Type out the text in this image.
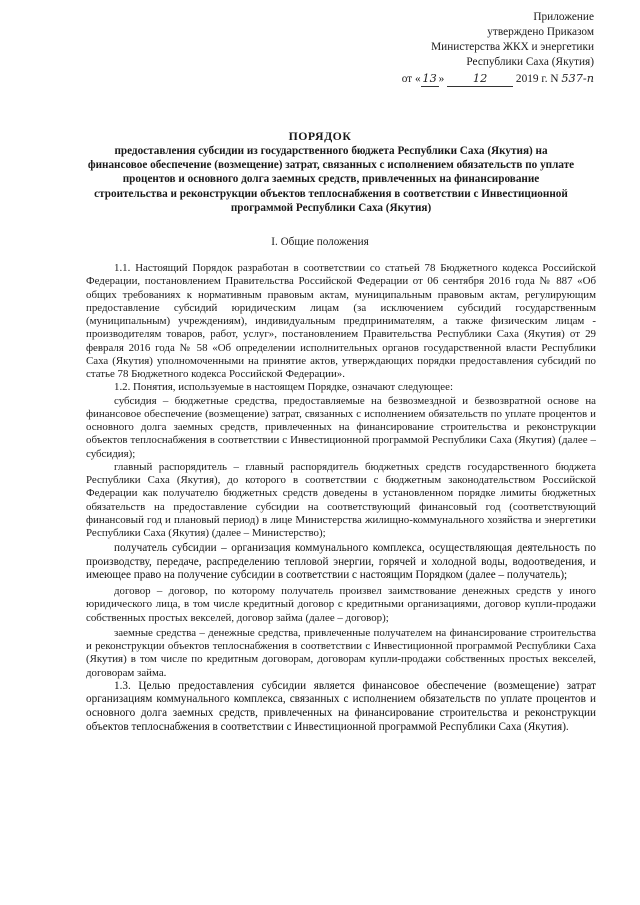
Приложение
утверждено Приказом
Министерства ЖКХ и энергетики
Республики Саха (Якутия)
от « 13 »	12	2019 г. N 537-п
ПОРЯДОК
предоставления субсидии из государственного бюджета Республики Саха (Якутия) на финансовое обеспечение (возмещение) затрат, связанных с исполнением обязательств по уплате процентов и основного долга заемных средств, привлеченных на финансирование строительства и реконструкции объектов теплоснабжения в соответствии с Инвестиционной программой Республики Саха (Якутия)
I. Общие положения

1.1. Настоящий Порядок разработан в соответствии со статьей 78 Бюджетного кодекса Российской Федерации, постановлением Правительства Российской Федерации от 06 сентября 2016 года № 887 «Об общих требованиях к нормативным правовым актам, муниципальным правовым актам, регулирующим предоставление субсидий юридическим лицам (за исключением субсидий государственным (муниципальным) учреждениям), индивидуальным предпринимателям, а также физическим лицам - производителям товаров, работ, услуг», постановлением Правительства Республики Саха (Якутия) от 29 февраля 2016 года № 58 «Об определении исполнительных органов государственной власти Республики Саха (Якутия) уполномоченными на принятие актов, утверждающих порядки предоставления субсидий по статье 78 Бюджетного кодекса Российской Федерации».

1.2. Понятия, используемые в настоящем Порядке, означают следующее:

субсидия – бюджетные средства, предоставляемые на безвозмездной и безвозвратной основе на финансовое обеспечение (возмещение) затрат, связанных с исполнением обязательств по уплате процентов и основного долга заемных средств, привлеченных на финансирование строительства и реконструкции объектов теплоснабжения в соответствии с Инвестиционной программой Республики Саха (Якутия) (далее – субсидия);

главный распорядитель – главный распорядитель бюджетных средств государственного бюджета Республики Саха (Якутия), до которого в соответствии с бюджетным законодательством Российской Федерации как получателю бюджетных средств доведены в установленном порядке лимиты бюджетных обязательств на предоставление субсидии на соответствующий финансовый год (соответствующий финансовый год и плановый период) в лице Министерства жилищно-коммунального хозяйства и энергетики Республики Саха (Якутия) (далее – Министерство);

получатель субсидии – организация коммунального комплекса, осуществляющая деятельность по производству, передаче, распределению тепловой энергии, горячей и холодной воды, водоотведения, и имеющее право на получение субсидии в соответствии с настоящим Порядком (далее – получатель);

договор – договор, по которому получатель произвел заимствование денежных средств у иного юридического лица, в том числе кредитный договор с кредитными организациями, договор купли-продажи собственных простых векселей, договор займа (далее – договор);

заемные средства – денежные средства, привлеченные получателем на финансирование строительства и реконструкции объектов теплоснабжения в соответствии с Инвестиционной программой Республики Саха (Якутия) в том числе по кредитным договорам, договорам купли-продажи собственных простых векселей, договорам займа.

1.3. Целью предоставления субсидии является финансовое обеспечение (возмещение) затрат организациям коммунального комплекса, связанных с исполнением обязательств по уплате процентов и основного долга заемных средств, привлеченных на финансирование строительства и реконструкции объектов теплоснабжения в соответствии с Инвестиционной программой Республики Саха (Якутия).
